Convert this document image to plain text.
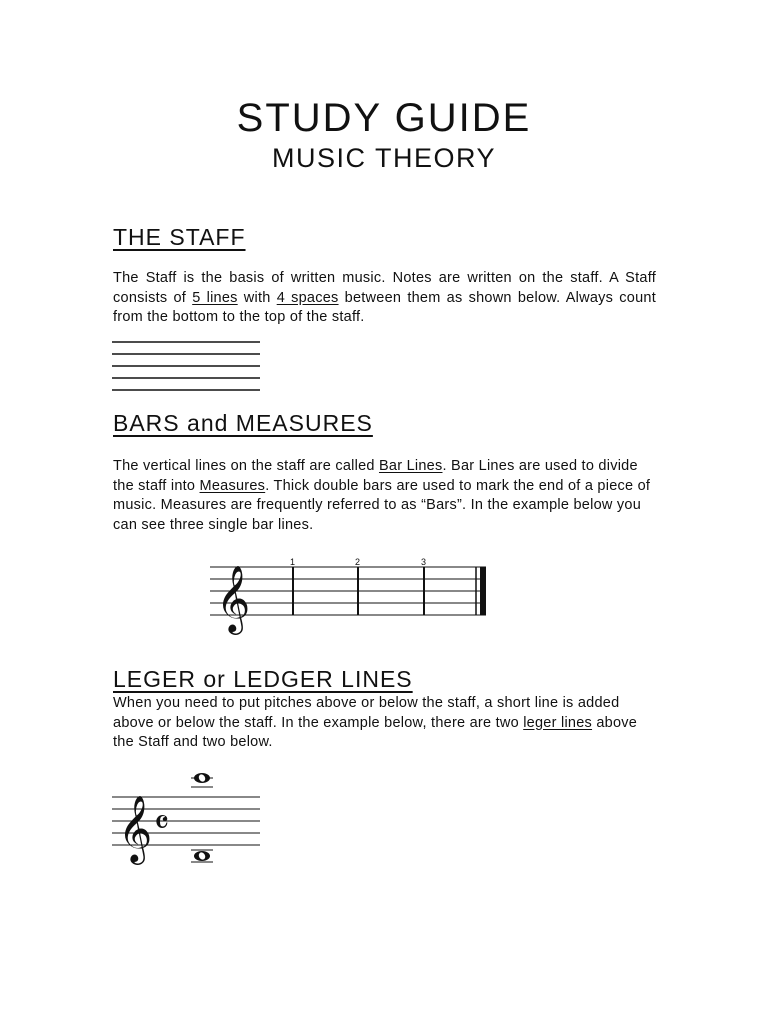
STUDY GUIDE
MUSIC THEORY
THE STAFF
The Staff is the basis of written music. Notes are written on the staff. A Staff consists of 5 lines with 4 spaces between them as shown below. Always count from the bottom to the top of the staff.
BARS and MEASURES
The vertical lines on the staff are called Bar Lines. Bar Lines are used to divide the staff into Measures. Thick double bars are used to mark the end of a piece of music. Measures are frequently referred to as “Bars”. In the example below you can see three single bar lines.
𝄞
1	2	3
LEGER or LEDGER LINES
When you need to put pitches above or below the staff, a short line is added above or below the staff. In the example below, there are two leger lines above the Staff and two below.
𝄞 𝄴
